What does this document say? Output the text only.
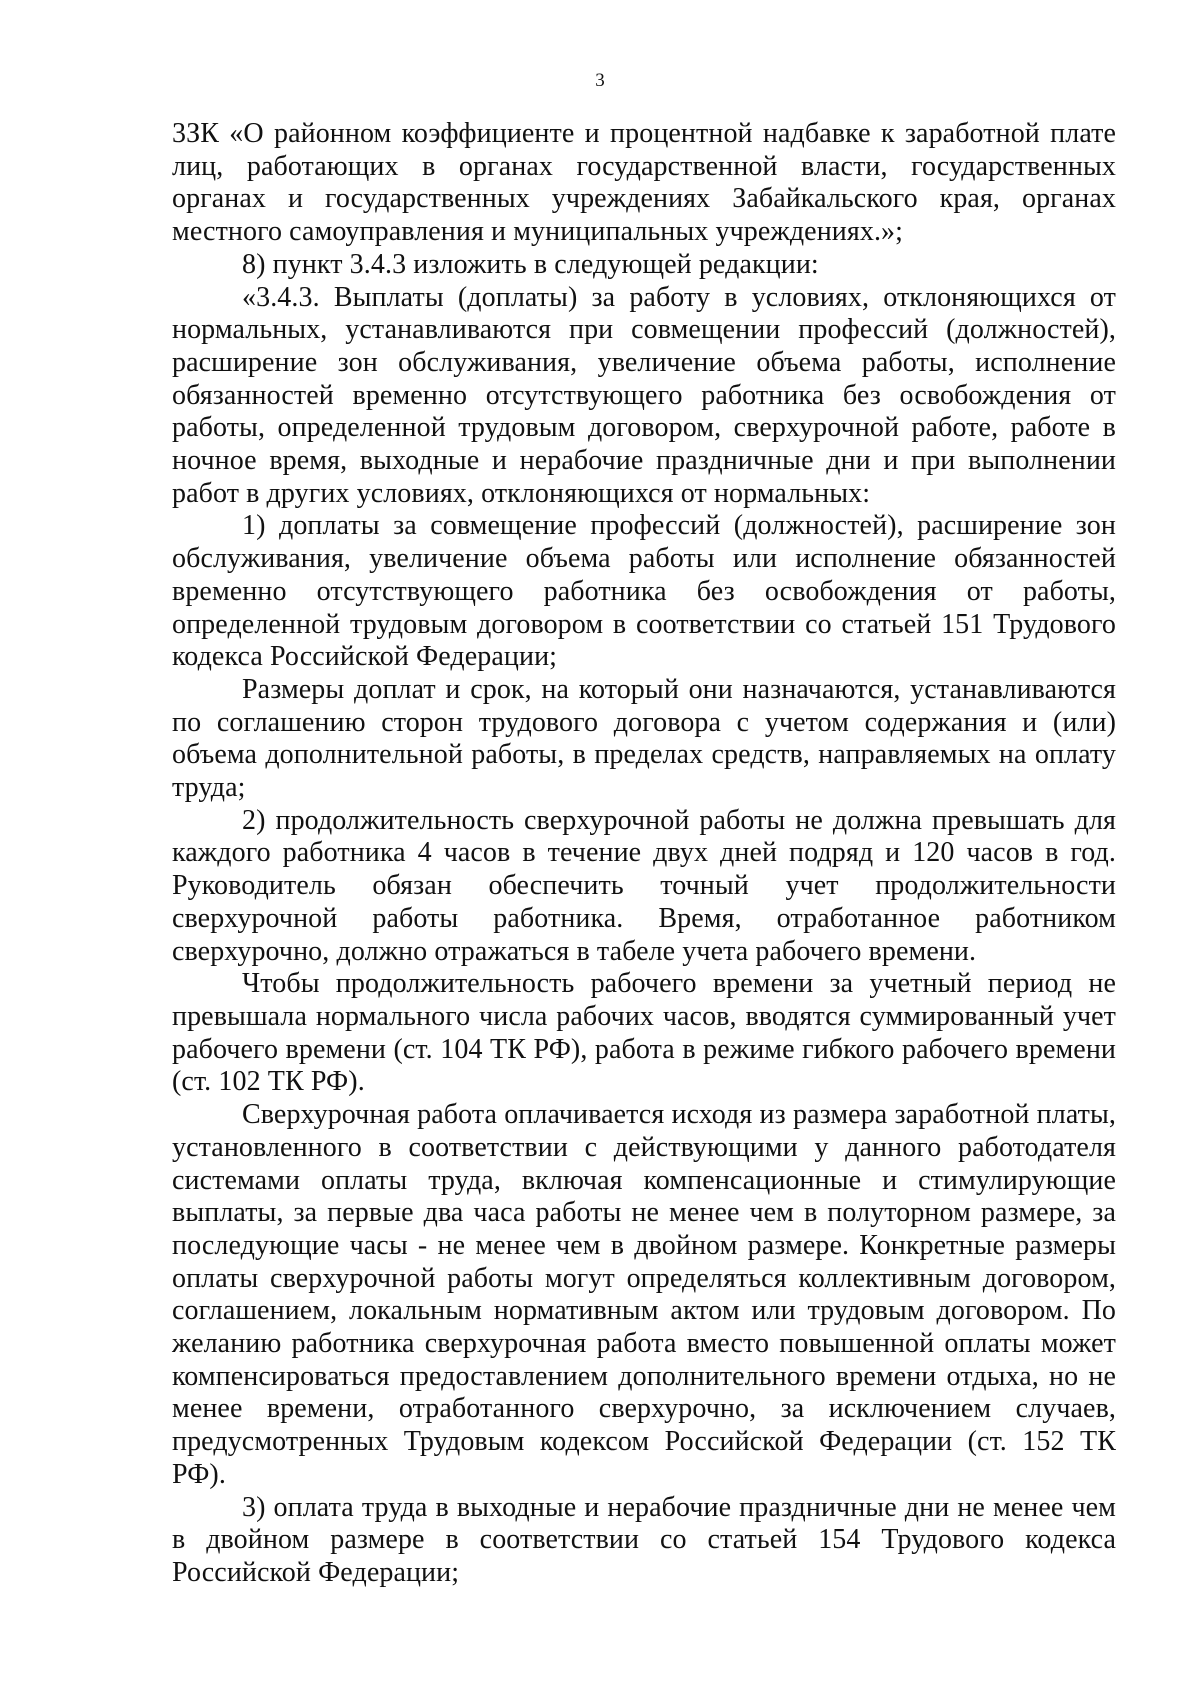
3

3ЗК «О районном коэффициенте и процентной надбавке к заработной плате лиц, работающих в органах государственной власти, государственных органах и государственных учреждениях Забайкальского края, органах местного самоуправления и муниципальных учреждениях.»;

8) пункт 3.4.3 изложить в следующей редакции:

«3.4.3. Выплаты (доплаты) за работу в условиях, отклоняющихся от нормальных, устанавливаются при совмещении профессий (должностей), расширение зон обслуживания, увеличение объема работы, исполнение обязанностей временно отсутствующего работника без освобождения от работы, определенной трудовым договором, сверхурочной работе, работе в ночное время, выходные и нерабочие праздничные дни и при выполнении работ в других условиях, отклоняющихся от нормальных:

1) доплаты за совмещение профессий (должностей), расширение зон обслуживания, увеличение объема работы или исполнение обязанностей временно отсутствующего работника без освобождения от работы, определенной трудовым договором в соответствии со статьей 151 Трудового кодекса Российской Федерации;

Размеры доплат и срок, на который они назначаются, устанавливаются по соглашению сторон трудового договора с учетом содержания и (или) объема дополнительной работы, в пределах средств, направляемых на оплату труда;

2) продолжительность сверхурочной работы не должна превышать для каждого работника 4 часов в течение двух дней подряд и 120 часов в год. Руководитель обязан обеспечить точный учет продолжительности сверхурочной работы работника. Время, отработанное работником сверхурочно, должно отражаться в табеле учета рабочего времени.

Чтобы продолжительность рабочего времени за учетный период не превышала нормального числа рабочих часов, вводятся суммированный учет рабочего времени (ст. 104 ТК РФ), работа в режиме гибкого рабочего времени (ст. 102 ТК РФ).

Сверхурочная работа оплачивается исходя из размера заработной платы, установленного в соответствии с действующими у данного работодателя системами оплаты труда, включая компенсационные и стимулирующие выплаты, за первые два часа работы не менее чем в полуторном размере, за последующие часы - не менее чем в двойном размере. Конкретные размеры оплаты сверхурочной работы могут определяться коллективным договором, соглашением, локальным нормативным актом или трудовым договором. По желанию работника сверхурочная работа вместо повышенной оплаты может компенсироваться предоставлением дополнительного времени отдыха, но не менее времени, отработанного сверхурочно, за исключением случаев, предусмотренных Трудовым кодексом Российской Федерации (ст. 152 ТК РФ).

3) оплата труда в выходные и нерабочие праздничные дни не менее чем в двойном размере в соответствии со статьей 154 Трудового кодекса Российской Федерации;
